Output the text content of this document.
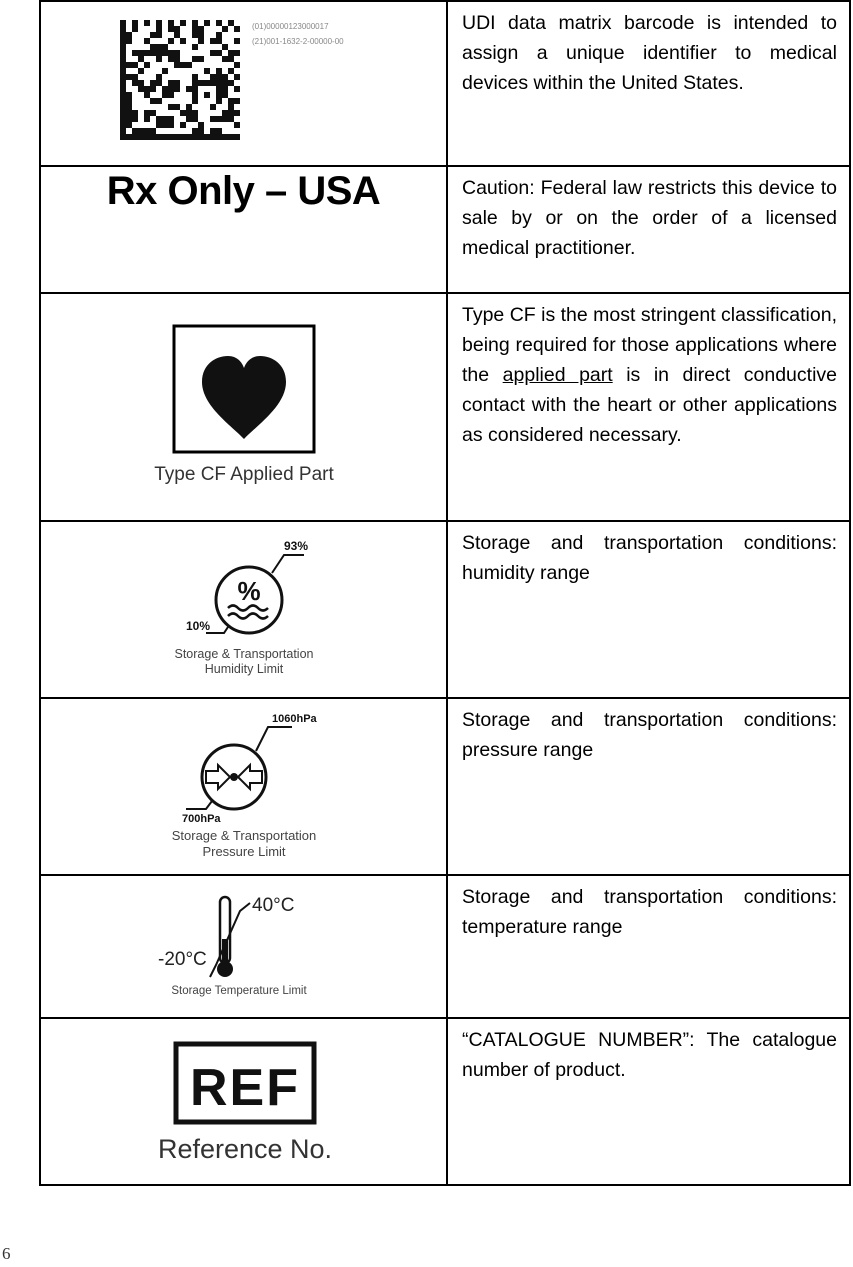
(01)00000123000017
(21)001-1632-2-00000-00	UDI data matrix barcode is intended to assign a unique identifier to medical devices within the United States.

Rx Only – USA	Caution: Federal law restricts this device to sale by or on the order of a licensed medical practitioner.

Type CF Applied Part	Type CF is the most stringent classification, being required for those applications where the applied part is in direct conductive contact with the heart or other applications as considered necessary.

%
93%
10%
Storage & Transportation
Humidity Limit	Storage and transportation conditions: humidity range

1060hPa
700hPa
Storage & Transportation
Pressure Limit	Storage and transportation conditions: pressure range

40°C
-20°C
Storage Temperature Limit	Storage and transportation conditions: temperature range

REF
Reference No.	“CATALOGUE NUMBER”: The catalogue number of product.

6
